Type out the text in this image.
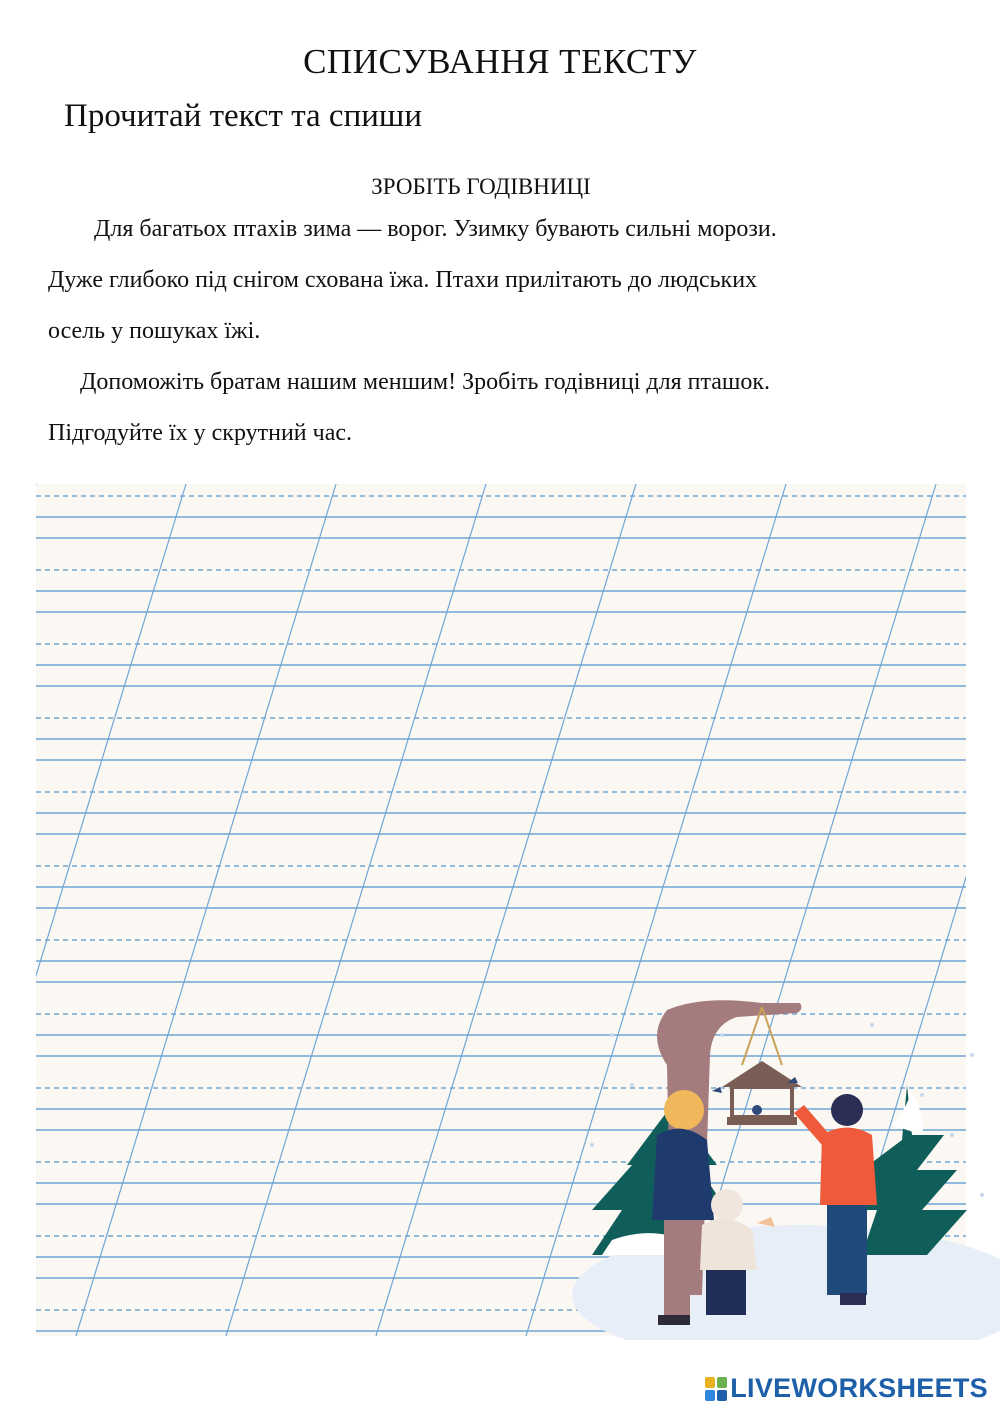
СПИСУВАННЯ ТЕКСТУ
Прочитай текст та спиши
ЗРОБІТЬ ГОДІВНИЦІ
Для багатьох птахів зима — ворог. Узимку бувають сильні морози.
Дуже глибоко під снігом схована їжа. Птахи прилітають до людських
осель у пошуках їжі.
Допоможіть братам нашим меншим! Зробіть годівниці для пташок.
Підгодуйте їх у скрутний час.
LIVEWORKSHEETS
